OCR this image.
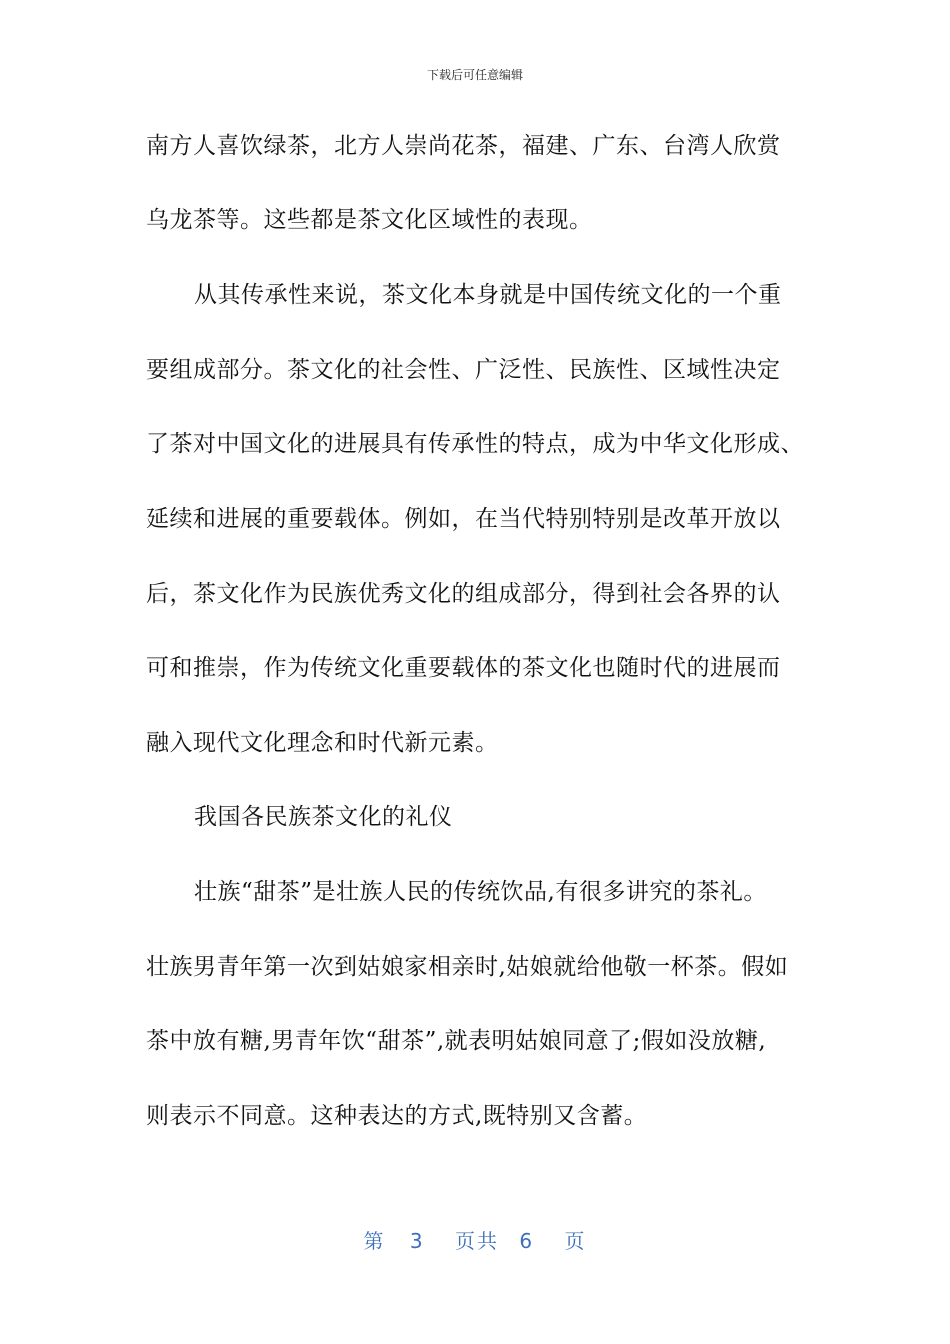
下载后可任意编辑
南方人喜饮绿茶，北方人崇尚花茶，福建、广东、台湾人欣赏
乌龙茶等。这些都是茶文化区域性的表现。
从其传承性来说，茶文化本身就是中国传统文化的一个重
要组成部分。茶文化的社会性、广泛性、民族性、区域性决定
了茶对中国文化的进展具有传承性的特点，成为中华文化形成、
延续和进展的重要载体。例如，在当代特别特别是改革开放以
后，茶文化作为民族优秀文化的组成部分，得到社会各界的认
可和推崇，作为传统文化重要载体的茶文化也随时代的进展而
融入现代文化理念和时代新元素。
我国各民族茶文化的礼仪
壮族“甜茶”是壮族人民的传统饮品,有很多讲究的茶礼。
壮族男青年第一次到姑娘家相亲时,姑娘就给他敬一杯茶。假如
茶中放有糖,男青年饮“甜茶”,就表明姑娘同意了;假如没放糖,
则表示不同意。这种表达的方式,既特别又含蓄。
第 3 页共 6 页
